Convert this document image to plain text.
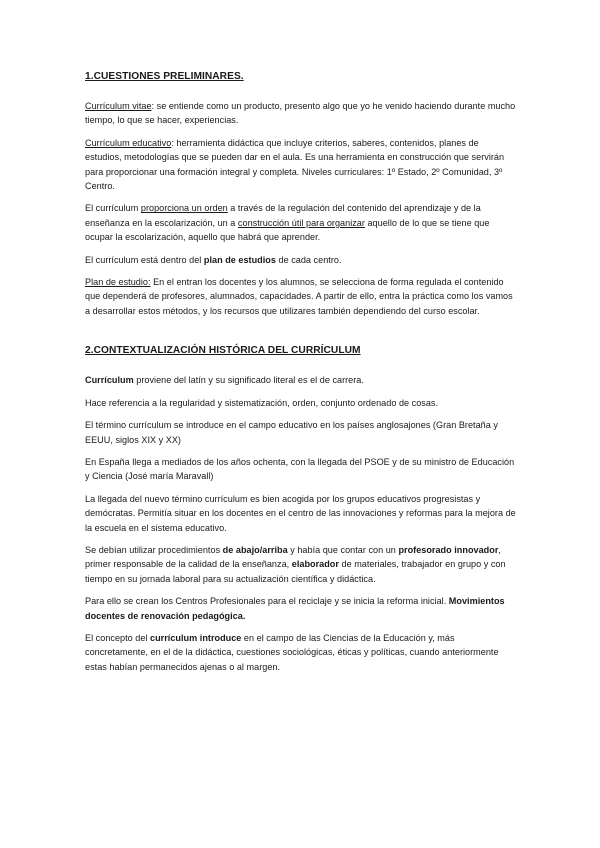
1.CUESTIONES PRELIMINARES.

Currículum vitae: se entiende como un producto, presento algo que yo he venido haciendo durante mucho tiempo, lo que se hacer, experiencias.

Currículum educativo: herramienta didáctica que incluye criterios, saberes, contenidos, planes de estudios, metodologías que se pueden dar en el aula. Es una herramienta en construcción que servirán para proporcionar una formación integral y completa. Niveles curriculares: 1º Estado, 2º Comunidad, 3º Centro.

El currículum proporciona un orden a través de la regulación del contenido del aprendizaje y de la enseñanza en la escolarización, un a construcción útil para organizar aquello de lo que se tiene que ocupar la escolarización, aquello que habrá que aprender.

El currículum está dentro del plan de estudios de cada centro.

Plan de estudio: En el entran los docentes y los alumnos, se selecciona de forma regulada el contenido que dependerá de profesores, alumnados, capacidades. A partir de ello, entra la práctica como los vamos a desarrollar estos métodos, y los recursos que utilizares también dependiendo del curso escolar.

2.CONTEXTUALIZACIÓN HISTÓRICA DEL CURRÍCULUM

Currículum proviene del latín y su significado literal es el de carrera.

Hace referencia a la regularidad y sistematización, orden, conjunto ordenado de cosas.

El término currículum se introduce en el campo educativo en los países anglosajones (Gran Bretaña y EEUU, siglos XIX y XX)

En España llega a mediados de los años ochenta, con la llegada del PSOE y de su ministro de Educación y Ciencia (José maría Maravall)

La llegada del nuevo término currículum es bien acogida por los grupos educativos progresistas y demócratas. Permitía situar en los docentes en el centro de las innovaciones y reformas para la mejora de la escuela en el sistema educativo.

Se debían utilizar procedimientos de abajo/arriba y había que contar con un profesorado innovador, primer responsable de la calidad de la enseñanza, elaborador de materiales, trabajador en grupo y con tiempo en su jornada laboral para su actualización científica y didáctica.

Para ello se crean los Centros Profesionales para el reciclaje y se inicia la reforma inicial. Movimientos docentes de renovación pedagógica.

El concepto del currículum introduce en el campo de las Ciencias de la Educación y, más concretamente, en el de la didáctica, cuestiones sociológicas, éticas y políticas, cuando anteriormente estas habían permanecidos ajenas o al margen.
